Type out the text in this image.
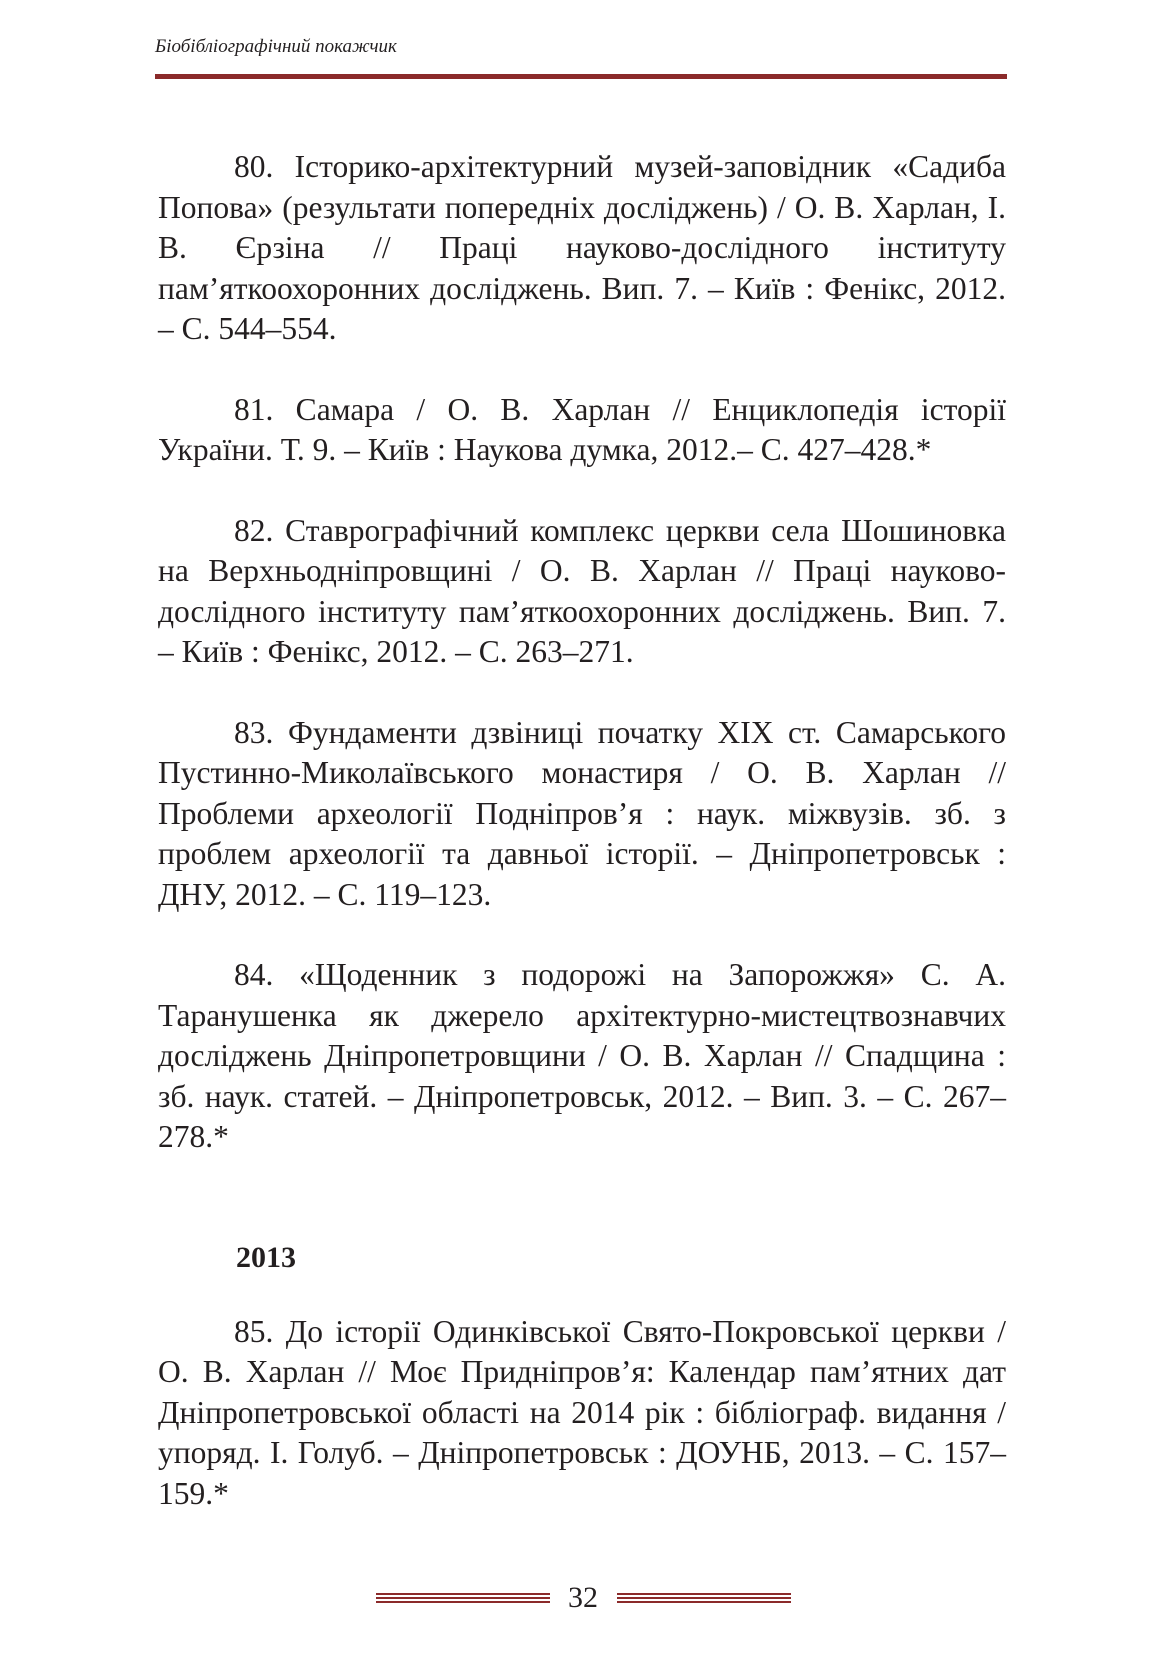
Біобібліографічний покажчик

80. Історико-архітектурний музей-заповідник «Садиба Попова» (результати попередніх досліджень) / О. В. Харлан, І. В. Єрзіна // Праці науково-дослідного інституту пам’яткоохоронних досліджень. Вип. 7. – Київ : Фенікс, 2012. – С. 544–554.

81. Самара / О. В. Харлан // Енциклопедія історії України. Т. 9. – Київ : Наукова думка, 2012.– С. 427–428.*

82. Ставрографічний комплекс церкви села Шошиновка на Верхньодніпровщині / О. В. Харлан // Праці науково-дослідного інституту пам’яткоохоронних досліджень. Вип. 7. – Київ : Фенікс, 2012. – С. 263–271.

83. Фундаменти дзвіниці початку XIX ст. Самарського Пустинно-Миколаївського монастиря / О. В. Харлан // Проблеми археології Подніпров’я : наук. міжвузів. зб. з проблем археології та давньої історії. – Дніпропетровськ : ДНУ, 2012. – С. 119–123.

84. «Щоденник з подорожі на Запорожжя» С. А. Таранушенка як джерело архітектурно-мистецтвознавчих досліджень Дніпропетровщини / О. В. Харлан // Спадщина : зб. наук. статей. – Дніпропетровськ, 2012. – Вип. 3. – С. 267–278.*

2013

85. До історії Одинківської Свято-Покровської церкви / О. В. Харлан // Моє Придніпров’я: Календар пам’ятних дат Дніпропетровської області на 2014 рік : бібліограф. видання / упоряд. І. Голуб. – Дніпропетровськ : ДОУНБ, 2013. – С. 157–159.*

32
